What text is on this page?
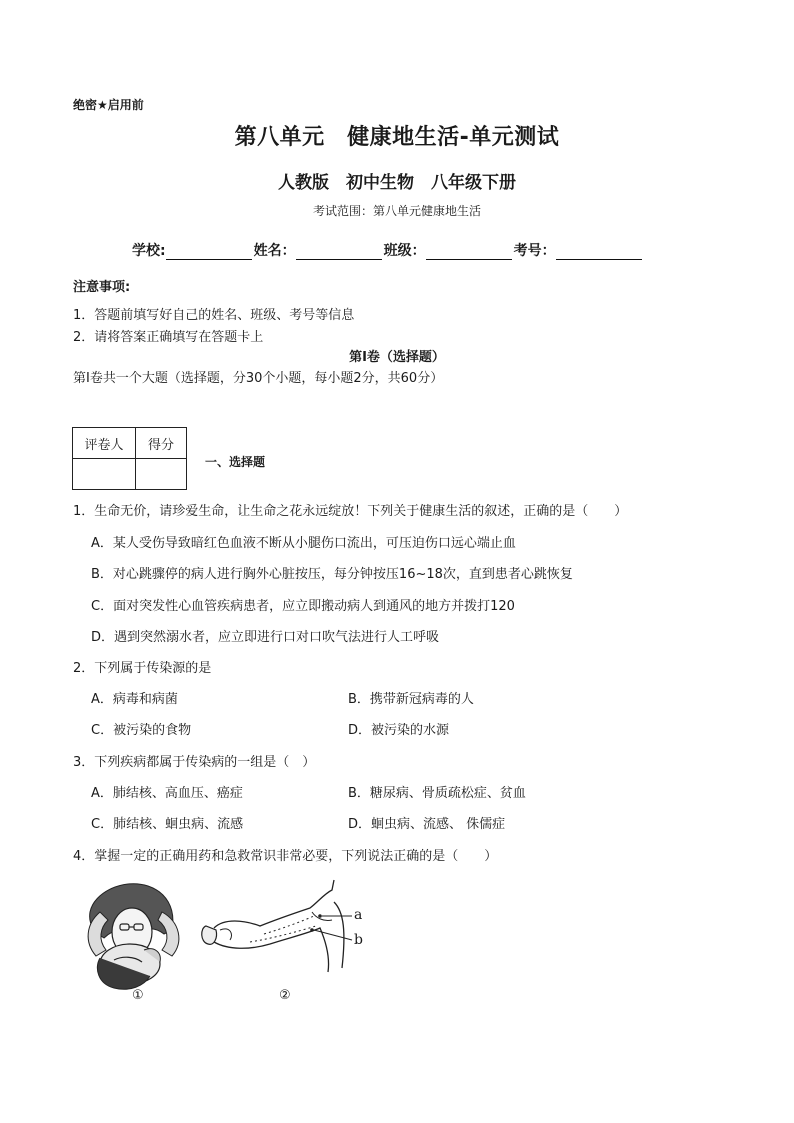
绝密★启用前
第八单元　健康地生活-单元测试
人教版　初中生物　八年级下册
考试范围：第八单元健康地生活
学校:	姓名：	班级：	考号：
注意事项:
1．答题前填写好自己的姓名、班级、考号等信息
2．请将答案正确填写在答题卡上
第Ⅰ卷（选择题）
第Ⅰ卷共一个大题（选择题，分30个小题，每小题2分，共60分）
评卷人	得分

一、选择题
1．生命无价，请珍爱生命，让生命之花永远绽放！下列关于健康生活的叙述，正确的是（　　）
A．某人受伤导致暗红色血液不断从小腿伤口流出，可压迫伤口远心端止血
B．对心跳骤停的病人进行胸外心脏按压，每分钟按压16~18次，直到患者心跳恢复
C．面对突发性心血管疾病患者，应立即搬动病人到通风的地方并拨打120
D．遇到突然溺水者，应立即进行口对口吹气法进行人工呼吸
2．下列属于传染源的是
A．病毒和病菌	B．携带新冠病毒的人
C．被污染的食物	D．被污染的水源
3．下列疾病都属于传染病的一组是（　）
A．肺结核、高血压、癌症	B．糖尿病、骨质疏松症、贫血
C．肺结核、蛔虫病、流感	D．蛔虫病、流感、 侏儒症
4．掌握一定的正确用药和急救常识非常必要，下列说法正确的是（　　）
a
b
①	②
